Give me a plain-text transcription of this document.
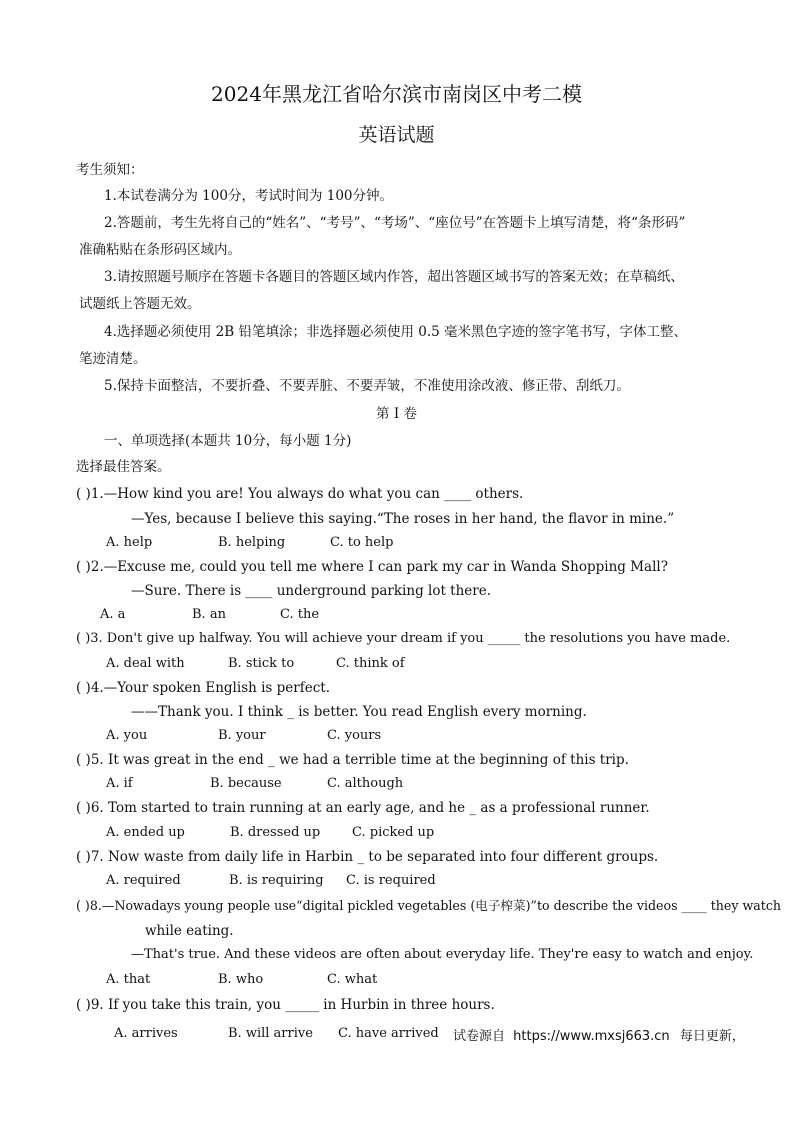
2024年黑龙江省哈尔滨市南岗区中考二模
英语试题
考生须知：
1.本试卷满分为 100分，考试时间为 100分钟。
2.答题前，考生先将自己的“姓名”、“考号”、“考场”、“座位号”在答题卡上填写清楚，将“条形码”
准确粘贴在条形码区域内。
3.请按照题号顺序在答题卡各题目的答题区域内作答，超出答题区域书写的答案无效；在草稿纸、
试题纸上答题无效。
4.选择题必须使用 2B 铅笔填涂；非选择题必须使用 0.5 毫米黑色字迹的签字笔书写，字体工整、
笔迹清楚。
5.保持卡面整洁，不要折叠、不要弄脏、不要弄皱，不准使用涂改液、修正带、刮纸刀。
第 I 卷
一、单项选择(本题共 10分，每小题 1分)
选择最佳答案。
( )1.—How kind you are! You always do what you can ____ others.
—Yes, because I believe this saying.“The roses in her hand, the flavor in mine.”
A. help	B. helping	C. to help
( )2.—Excuse me, could you tell me where I can park my car in Wanda Shopping Mall?
—Sure. There is ____ underground parking lot there.
A. a	B. an	C. the
( )3. Don't give up halfway. You will achieve your dream if you _____ the resolutions you have made.
A. deal with	B. stick to	C. think of
( )4.—Your spoken English is perfect.
——Thank you. I think _ is better. You read English every morning.
A. you	B. your	C. yours
( )5. It was great in the end _ we had a terrible time at the beginning of this trip.
A. if	B. because	C. although
( )6. Tom started to train running at an early age, and he _ as a professional runner.
A. ended up	B. dressed up C. picked up
( )7. Now waste from daily life in Harbin _ to be separated into four different groups.
A. required	B. is requiring C. is required
( )8.—Nowadays young people use“digital pickled vegetables (电子榨菜)”to describe the videos ____ they watch
while eating.
—That's true. And these videos are often about everyday life. They're easy to watch and enjoy.
A. that	B. who	C. what
( )9. If you take this train, you _____ in Hurbin in three hours.
A. arrives	B. will arrive C. have arrived 试卷源自 https://www.mxsj663.cn 每日更新，
